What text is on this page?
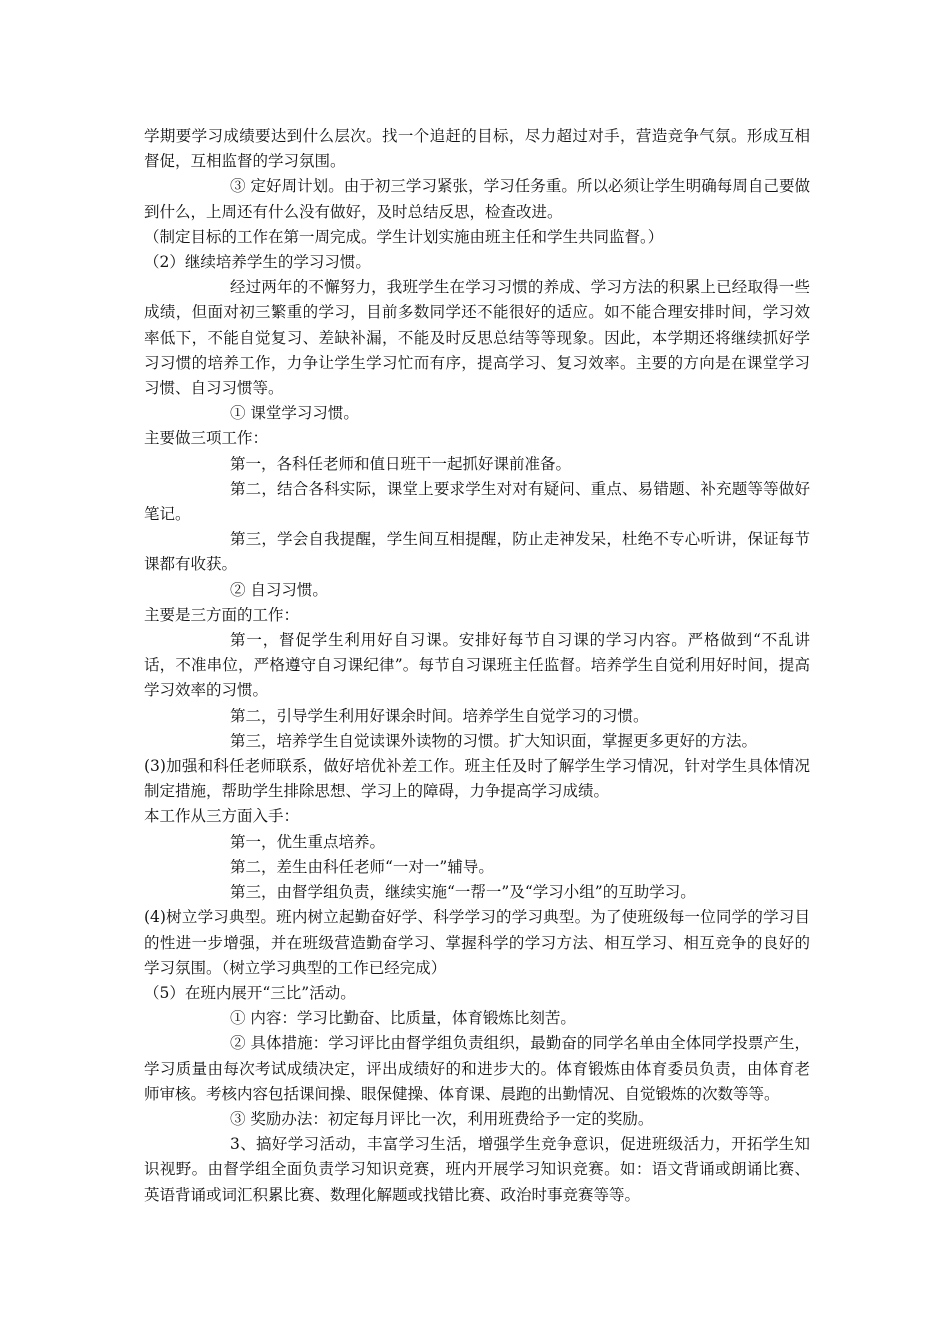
学期要学习成绩要达到什么层次。找一个追赶的目标，尽力超过对手，营造竞争气氛。形成互相督促，互相监督的学习氛围。

③ 定好周计划。由于初三学习紧张，学习任务重。所以必须让学生明确每周自己要做到什么，上周还有什么没有做好，及时总结反思，检查改进。

（制定目标的工作在第一周完成。学生计划实施由班主任和学生共同监督。）

（2）继续培养学生的学习习惯。

经过两年的不懈努力，我班学生在学习习惯的养成、学习方法的积累上已经取得一些成绩，但面对初三繁重的学习，目前多数同学还不能很好的适应。如不能合理安排时间，学习效率低下，不能自觉复习、差缺补漏，不能及时反思总结等等现象。因此，本学期还将继续抓好学习习惯的培养工作，力争让学生学习忙而有序，提高学习、复习效率。主要的方向是在课堂学习习惯、自习习惯等。

① 课堂学习习惯。

主要做三项工作：

第一，各科任老师和值日班干一起抓好课前准备。

第二，结合各科实际，课堂上要求学生对对有疑问、重点、易错题、补充题等等做好笔记。

第三，学会自我提醒，学生间互相提醒，防止走神发呆，杜绝不专心听讲，保证每节课都有收获。

② 自习习惯。

主要是三方面的工作：

第一，督促学生利用好自习课。安排好每节自习课的学习内容。严格做到“不乱讲话，不准串位，严格遵守自习课纪律”。每节自习课班主任监督。培养学生自觉利用好时间，提高学习效率的习惯。

第二，引导学生利用好课余时间。培养学生自觉学习的习惯。

第三，培养学生自觉读课外读物的习惯。扩大知识面，掌握更多更好的方法。

(3)加强和科任老师联系，做好培优补差工作。班主任及时了解学生学习情况，针对学生具体情况制定措施，帮助学生排除思想、学习上的障碍，力争提高学习成绩。

本工作从三方面入手：

第一，优生重点培养。

第二，差生由科任老师“一对一”辅导。

第三，由督学组负责，继续实施“一帮一”及“学习小组”的互助学习。

(4)树立学习典型。班内树立起勤奋好学、科学学习的学习典型。为了使班级每一位同学的学习目的性进一步增强，并在班级营造勤奋学习、掌握科学的学习方法、相互学习、相互竞争的良好的学习氛围。（树立学习典型的工作已经完成）

（5）在班内展开“三比”活动。

① 内容：学习比勤奋、比质量，体育锻炼比刻苦。

② 具体措施：学习评比由督学组负责组织，最勤奋的同学名单由全体同学投票产生，学习质量由每次考试成绩决定，评出成绩好的和进步大的。体育锻炼由体育委员负责，由体育老师审核。考核内容包括课间操、眼保健操、体育课、晨跑的出勤情况、自觉锻炼的次数等等。

③ 奖励办法：初定每月评比一次，利用班费给予一定的奖励。

3、搞好学习活动，丰富学习生活，增强学生竞争意识，促进班级活力，开拓学生知识视野。由督学组全面负责学习知识竞赛，班内开展学习知识竞赛。如：语文背诵或朗诵比赛、英语背诵或词汇积累比赛、数理化解题或找错比赛、政治时事竞赛等等。
